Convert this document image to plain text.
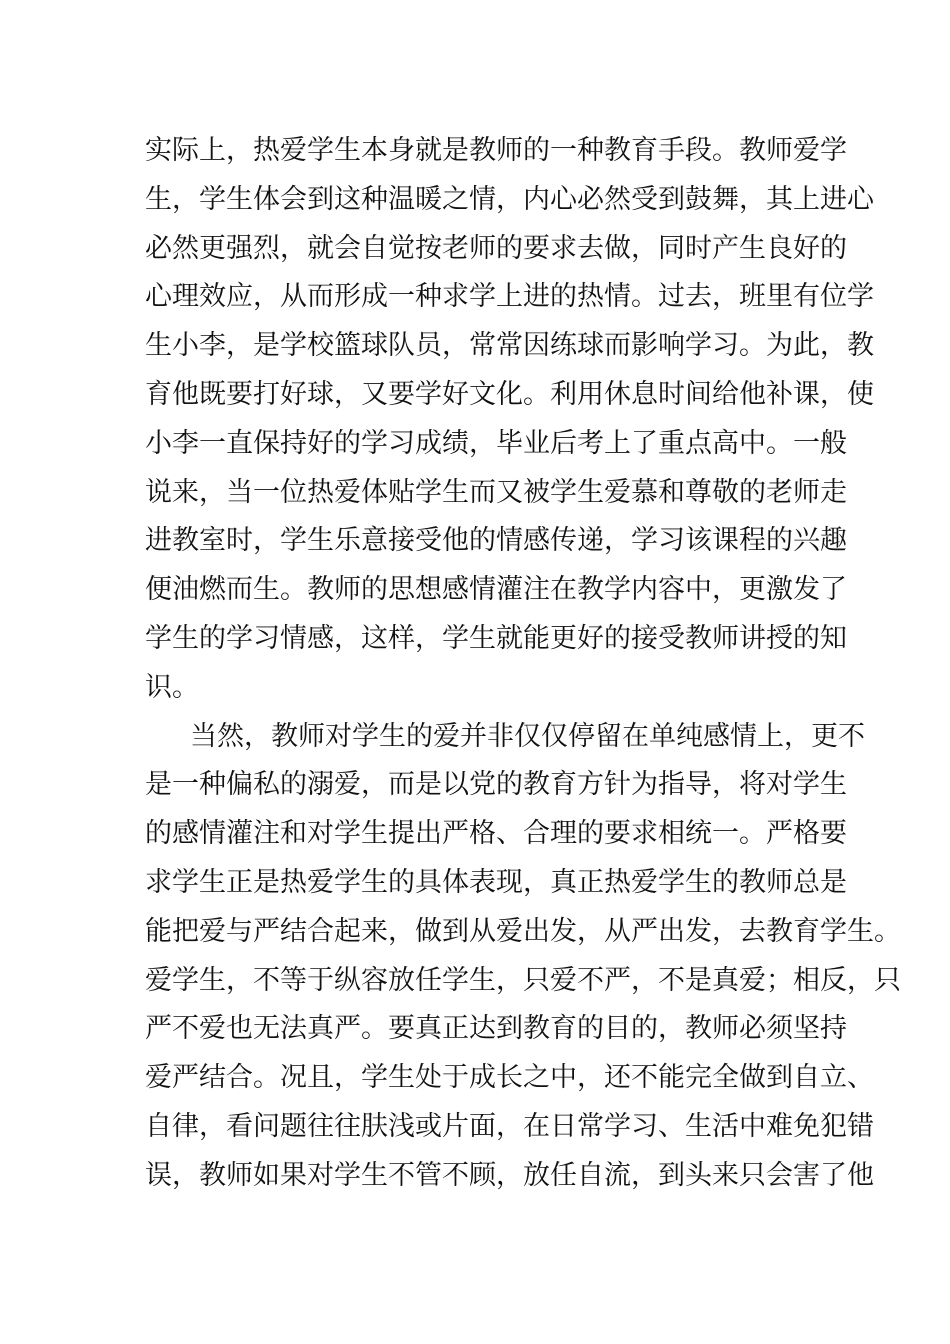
实际上，热爱学生本身就是教师的一种教育手段。教师爱学
生，学生体会到这种温暖之情，内心必然受到鼓舞，其上进心
必然更强烈，就会自觉按老师的要求去做，同时产生良好的
心理效应，从而形成一种求学上进的热情。过去，班里有位学
生小李，是学校篮球队员，常常因练球而影响学习。为此，教
育他既要打好球，又要学好文化。利用休息时间给他补课，使
小李一直保持好的学习成绩，毕业后考上了重点高中。一般
说来，当一位热爱体贴学生而又被学生爱慕和尊敬的老师走
进教室时，学生乐意接受他的情感传递，学习该课程的兴趣
便油燃而生。教师的思想感情灌注在教学内容中，更激发了
学生的学习情感，这样，学生就能更好的接受教师讲授的知
识。
当然，教师对学生的爱并非仅仅停留在单纯感情上，更不
是一种偏私的溺爱，而是以党的教育方针为指导，将对学生
的感情灌注和对学生提出严格、合理的要求相统一。严格要
求学生正是热爱学生的具体表现，真正热爱学生的教师总是
能把爱与严结合起来，做到从爱出发，从严出发，去教育学生。
爱学生，不等于纵容放任学生，只爱不严，不是真爱；相反，只
严不爱也无法真严。要真正达到教育的目的，教师必须坚持
爱严结合。况且，学生处于成长之中，还不能完全做到自立、
自律，看问题往往肤浅或片面，在日常学习、生活中难免犯错
误，教师如果对学生不管不顾，放任自流，到头来只会害了他
